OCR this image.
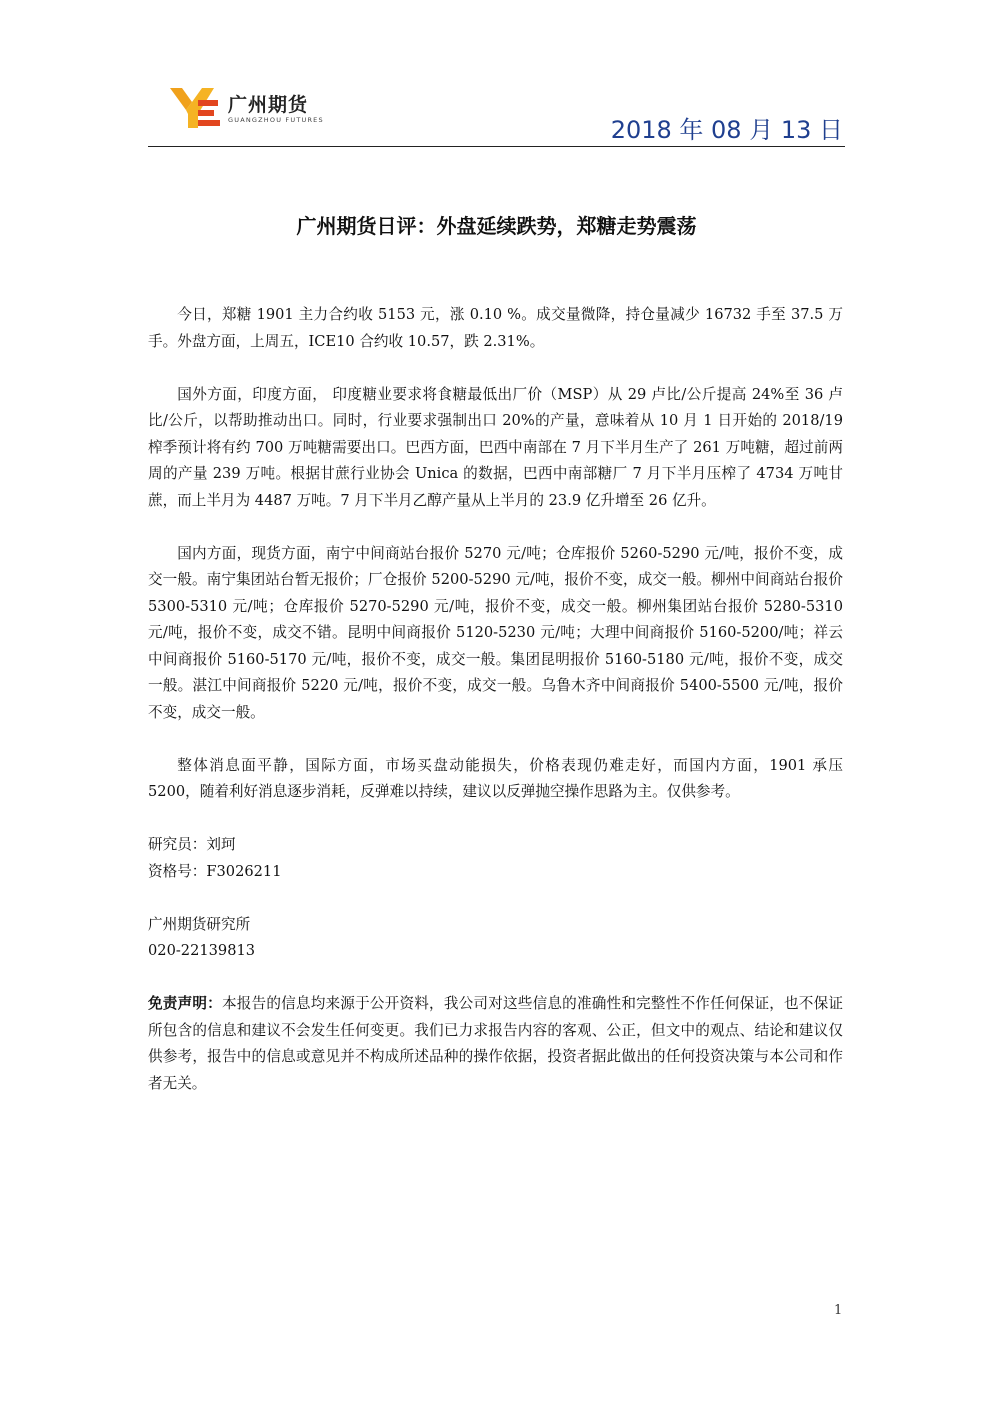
广州期货
GUANGZHOU FUTURES	2018 年 08 月 13 日
广州期货日评：外盘延续跌势，郑糖走势震荡

今日，郑糖 1901 主力合约收 5153 元，涨 0.10 %。成交量微降，持仓量减少 16732 手至 37.5 万手。外盘方面，上周五，ICE10 合约收 10.57，跌 2.31%。

国外方面，印度方面， 印度糖业要求将食糖最低出厂价（MSP）从 29 卢比/公斤提高 24%至 36 卢比/公斤，以帮助推动出口。同时，行业要求强制出口 20%的产量，意味着从 10 月 1 日开始的 2018/19 榨季预计将有约 700 万吨糖需要出口。巴西方面，巴西中南部在 7 月下半月生产了 261 万吨糖，超过前两周的产量 239 万吨。根据甘蔗行业协会 Unica 的数据，巴西中南部糖厂 7 月下半月压榨了 4734 万吨甘蔗，而上半月为 4487 万吨。7 月下半月乙醇产量从上半月的 23.9 亿升增至 26 亿升。

国内方面，现货方面，南宁中间商站台报价 5270 元/吨；仓库报价 5260-5290 元/吨，报价不变，成交一般。南宁集团站台暂无报价；厂仓报价 5200-5290 元/吨，报价不变，成交一般。柳州中间商站台报价 5300-5310 元/吨；仓库报价 5270-5290 元/吨，报价不变，成交一般。柳州集团站台报价 5280-5310 元/吨，报价不变，成交不错。昆明中间商报价 5120-5230 元/吨；大理中间商报价 5160-5200/吨；祥云中间商报价 5160-5170 元/吨，报价不变，成交一般。集团昆明报价 5160-5180 元/吨，报价不变，成交一般。湛江中间商报价 5220 元/吨，报价不变，成交一般。乌鲁木齐中间商报价 5400-5500 元/吨，报价不变，成交一般。

整体消息面平静，国际方面，市场买盘动能损失，价格表现仍难走好，而国内方面，1901 承压 5200，随着利好消息逐步消耗，反弹难以持续，建议以反弹抛空操作思路为主。仅供参考。

研究员：刘珂

资格号：F3026211

广州期货研究所

020-22139813

免责声明：本报告的信息均来源于公开资料，我公司对这些信息的准确性和完整性不作任何保证，也不保证所包含的信息和建议不会发生任何变更。我们已力求报告内容的客观、公正，但文中的观点、结论和建议仅供参考，报告中的信息或意见并不构成所述品种的操作依据，投资者据此做出的任何投资决策与本公司和作者无关。

1
